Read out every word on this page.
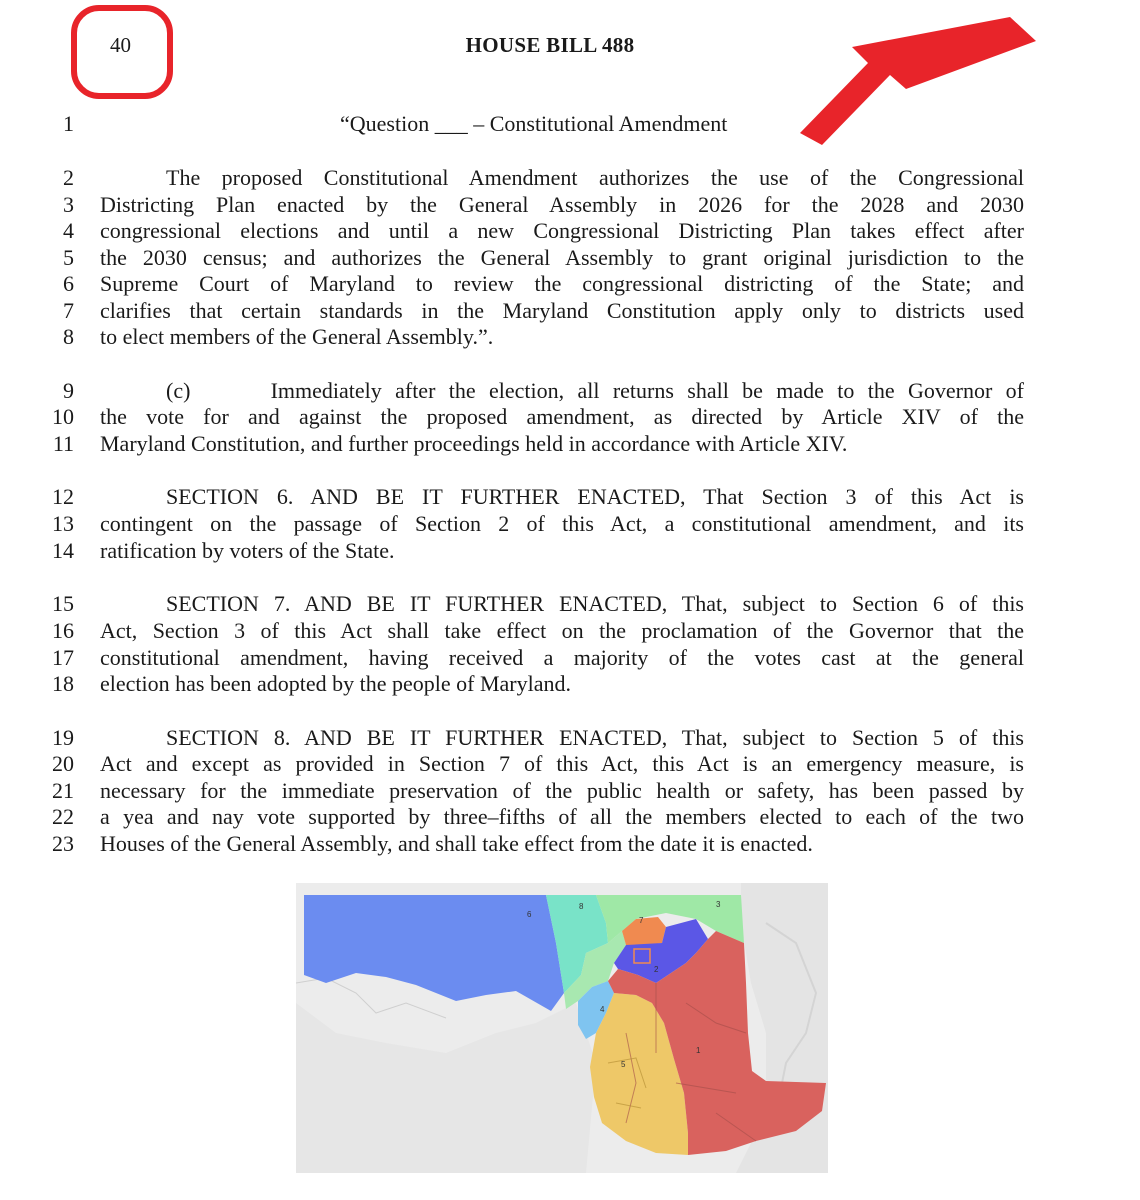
40	HOUSE BILL 488
1	“Question ___ – Constitutional Amendment
2	The proposed Constitutional Amendment authorizes the use of the Congressional
3 Districting Plan enacted by the General Assembly in 2026 for the 2028 and 2030
4 congressional elections and until a new Congressional Districting Plan takes effect after
5 the 2030 census; and authorizes the General Assembly to grant original jurisdiction to the
6 Supreme Court of Maryland to review the congressional districting of the State; and
7 clarifies that certain standards in the Maryland Constitution apply only to districts used
8 to elect members of the General Assembly.”.
9	(c)      Immediately after the election, all returns shall be made to the Governor of
10 the vote for and against the proposed amendment, as directed by Article XIV of the
11 Maryland Constitution, and further proceedings held in accordance with Article XIV.
12	SECTION 6. AND BE IT FURTHER ENACTED, That Section 3 of this Act is
13 contingent on the passage of Section 2 of this Act, a constitutional amendment, and its
14 ratification by voters of the State.
15	SECTION 7. AND BE IT FURTHER ENACTED, That, subject to Section 6 of this
16 Act, Section 3 of this Act shall take effect on the proclamation of the Governor that the
17 constitutional amendment, having received a majority of the votes cast at the general
18 election has been adopted by the people of Maryland.
19	SECTION 8. AND BE IT FURTHER ENACTED, That, subject to Section 5 of this
20 Act and except as provided in Section 7 of this Act, this Act is an emergency measure, is
21 necessary for the immediate preservation of the public health or safety, has been passed by
22 a yea and nay vote supported by three–fifths of all the members elected to each of the two
23 Houses of the General Assembly, and shall take effect from the date it is enacted.
6
8
7
3
2
4
5
1
